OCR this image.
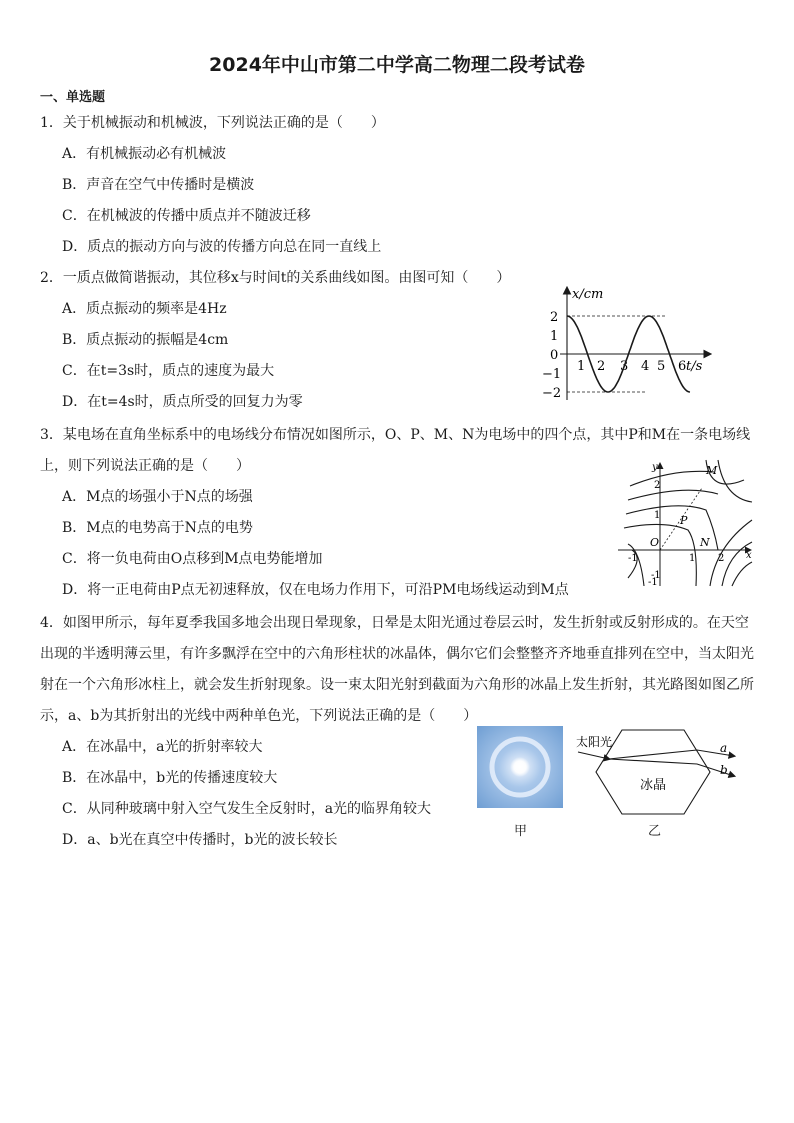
2024年中山市第二中学高二物理二段考试卷
一、单选题
1．关于机械振动和机械波，下列说法正确的是（　　）
A．有机械振动必有机械波
B．声音在空气中传播时是横波
C．在机械波的传播中质点并不随波迁移
D．质点的振动方向与波的传播方向总在同一直线上
2．一质点做简谐振动，其位移x与时间t的关系曲线如图。由图可知（　　）
A．质点振动的频率是4Hz
B．质点振动的振幅是4cm
C．在t=3s时，质点的速度为最大
D．在t=4s时，质点所受的回复力为零
x/cm
t/s
2
1
0
−1
−2
1 2 3 4 5 6
3．某电场在直角坐标系中的电场线分布情况如图所示，O、P、M、N为电场中的四个点，其中P和M在一条电场线
上，则下列说法正确的是（　　）
A．M点的场强小于N点的场强
B．M点的电势高于N点的电势
C．将一负电荷由O点移到M点电势能增加
D．将一正电荷由P点无初速释放，仅在电场力作用下，可沿PM电场线运动到M点
y
x
M
O
P
N
2
1
-1
2
1
-1
-1
4．如图甲所示，每年夏季我国多地会出现日晕现象，日晕是太阳光通过卷层云时，发生折射或反射形成的。在天空
出现的半透明薄云里，有许多飘浮在空中的六角形柱状的冰晶体，偶尔它们会整整齐齐地垂直排列在空中，当太阳光
射在一个六角形冰柱上，就会发生折射现象。设一束太阳光射到截面为六角形的冰晶上发生折射，其光路图如图乙所
示，a、b为其折射出的光线中两种单色光，下列说法正确的是（　　）
A．在冰晶中，a光的折射率较大
B．在冰晶中，b光的传播速度较大
C．从同种玻璃中射入空气发生全反射时，a光的临界角较大
D．a、b光在真空中传播时，b光的波长较长
甲
太阳光
冰晶
a
b
乙
